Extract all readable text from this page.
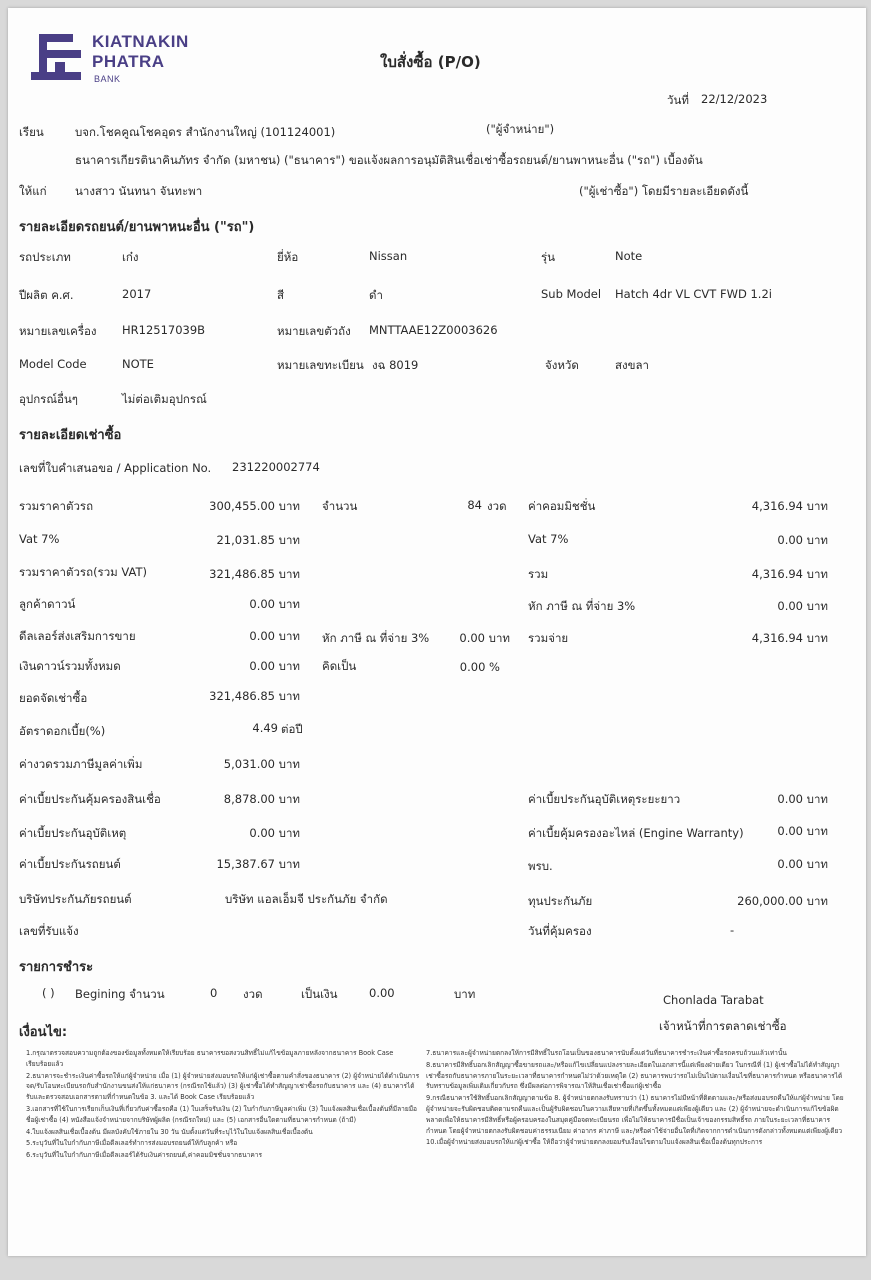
KIATNAKIN
PHATRA
BANK
ใบสั่งซื้อ (P/O)
วันที่ 22/12/2023
เรียน	บจก.โชคคูณโชคอุดร สำนักงานใหญ่ (101124001)	("ผู้จำหน่าย")
ธนาคารเกียรตินาคินภัทร จำกัด (มหาชน) ("ธนาคาร") ขอแจ้งผลการอนุมัติสินเชื่อเช่าซื้อรถยนต์/ยานพาหนะอื่น ("รถ") เบื้องต้น
ให้แก่ นางสาว นันทนา จันทะพา	("ผู้เช่าซื้อ") โดยมีรายละเอียดดังนี้
รายละเอียดรถยนต์/ยานพาหนะอื่น ("รถ")
รถประเภท	เก๋ง	ยี่ห้อ	Nissan	รุ่น	Note
ปีผลิต ค.ศ.	2017	สี	ดำ	Sub Model Hatch 4dr VL CVT FWD 1.2i
หมายเลขเครื่อง HR12517039B	หมายเลขตัวถัง MNTTAAE12Z0003626
Model Code	NOTE	หมายเลขทะเบียน งฉ 8019	จังหวัด	สงขลา
อุปกรณ์อื่นๆ	ไม่ต่อเติมอุปกรณ์
รายละเอียดเช่าซื้อ
เลขที่ใบคำเสนอขอ / Application No. 231220002774
รวมราคาตัวรถ	300,455.00 บาท จำนวน	84 งวด ค่าคอมมิชชั่น	4,316.94 บาท
Vat 7%	21,031.85 บาท	Vat 7%	0.00 บาท
รวมราคาตัวรถ(รวม VAT)	321,486.85 บาท	รวม	4,316.94 บาท
ลูกค้าดาวน์	0.00 บาท	หัก ภาษี ณ ที่จ่าย 3%	0.00 บาท
ดีลเลอร์ส่งเสริมการขาย	0.00 บาท หัก ภาษี ณ ที่จ่าย 3%	0.00 บาท รวมจ่าย	4,316.94 บาท
เงินดาวน์รวมทั้งหมด	0.00 บาท คิดเป็น	0.00 %
ยอดจัดเช่าซื้อ	321,486.85 บาท
อัตราดอกเบี้ย(%)	4.49 ต่อปี
ค่างวดรวมภาษีมูลค่าเพิ่ม	5,031.00 บาท
ค่าเบี้ยประกันคุ้มครองสินเชื่อ	8,878.00 บาท	ค่าเบี้ยประกันอุบัติเหตุระยะยาว	0.00 บาท
ค่าเบี้ยประกันอุบัติเหตุ	0.00 บาท	ค่าเบี้ยคุ้มครองอะไหล่ (Engine Warranty)	0.00 บาท
ค่าเบี้ยประกันรถยนต์	15,387.67 บาท	พรบ.	0.00 บาท
บริษัทประกันภัยรถยนต์	บริษัท แอลเอ็มจี ประกันภัย จำกัด	ทุนประกันภัย	260,000.00 บาท
เลขที่รับแจ้ง	วันที่คุ้มครอง	-
รายการชำระ
( ) Begining จำนวน	0 งวด	เป็นเงิน	0.00	บาท	Chonlada Tarabat
เจ้าหน้าที่การตลาดเช่าซื้อ
เงื่อนไข:

1.กรุณาตรวจสอบความถูกต้องของข้อมูลทั้งหมดให้เรียบร้อย ธนาคารขอสงวนสิทธิ์ไม่แก้ไขข้อมูลภายหลังจากธนาคาร Book Case เรียบร้อยแล้ว

2.ธนาคารจะชำระเงินค่าซื้อรถให้แก่ผู้จำหน่าย เมื่อ (1) ผู้จำหน่ายส่งมอบรถให้แก่ผู้เช่าซื้อตามคำสั่งของธนาคาร (2) ผู้จำหน่ายได้ดำเนินการจด/รับโอนทะเบียนรถกับสำนักงานขนส่งให้แก่ธนาคาร (กรณีรถใช้แล้ว) (3) ผู้เช่าซื้อได้ทำสัญญาเช่าซื้อรถกับธนาคาร และ (4) ธนาคารได้รับและตรวจสอบเอกสารตามที่กำหนดในข้อ 3. และได้ Book Case เรียบร้อยแล้ว

3.เอกสารที่ใช้ในการเรียกเก็บเงินที่เกี่ยวกับค่าซื้อรถคือ (1) ใบเสร็จรับเงิน (2) ใบกำกับภาษีมูลค่าเพิ่ม (3) ใบแจ้งผลสินเชื่อเบื้องต้นที่มีลายมือชื่อผู้เช่าซื้อ (4) หนังสือแจ้งจำหน่ายจากบริษัทผู้ผลิต (กรณีรถใหม่) และ (5) เอกสารอื่นใดตามที่ธนาคารกำหนด (ถ้ามี)

4.ใบแจ้งผลสินเชื่อเบื้องต้น มีผลบังคับใช้ภายใน 30 วัน นับตั้งแต่วันที่ระบุไว้ในใบแจ้งผลสินเชื่อเบื้องต้น

5.ระบุวันที่ในใบกำกับภาษีเมื่อดีลเลอร์ทำการส่งมอบรถยนต์ให้กับลูกค้า หรือ

6.ระบุวันที่ในใบกำกับภาษีเมื่อดีลเลอร์ได้รับเงินค่ารถยนต์,ค่าคอมมิชชั่นจากธนาคาร

7.ธนาคารและผู้จำหน่ายตกลงให้การมีสิทธิ์ในรถโอนเป็นของธนาคารนับตั้งแต่วันที่ธนาคารชำระเงินค่าซื้อรถครบถ้วนแล้วเท่านั้น

8.ธนาคารมีสิทธิ์บอกเลิกสัญญาซื้อขายรถและ/หรือแก้ไขเปลี่ยนแปลงรายละเอียดในเอกสารนี้แต่เพียงฝ่ายเดียว ในกรณีที่ (1) ผู้เช่าซื้อไม่ได้ทำสัญญาเช่าซื้อรถกับธนาคารภายในระยะเวลาที่ธนาคารกำหนดไม่ว่าด้วยเหตุใด (2) ธนาคารพบว่ารถไม่เป็นไปตามเงื่อนไขที่ธนาคารกำหนด หรือธนาคารได้รับทราบข้อมูลเพิ่มเติมเกี่ยวกับรถ ซึ่งมีผลต่อการพิจารณาให้สินเชื่อเช่าซื้อแก่ผู้เช่าซื้อ

9.กรณีธนาคารใช้สิทธิ์บอกเลิกสัญญาตามข้อ 8. ผู้จำหน่ายตกลงรับทราบว่า (1) ธนาคารไม่มีหน้าที่ติดตามและ/หรือส่งมอบรถคืนให้แก่ผู้จำหน่าย โดยผู้จำหน่ายจะรับผิดชอบติดตามรถคืนและเป็นผู้รับผิดชอบในความเสียหายที่เกิดขึ้นทั้งหมดแต่เพียงผู้เดียว และ (2) ผู้จำหน่ายจะดำเนินการแก้ไขข้อผิดพลาดเพื่อให้ธนาคารมีสิทธิ์หรือผู้ครอบครองในสมุดคู่มือจดทะเบียนรถ เพื่อไม่ให้ธนาคารมีชื่อเป็นเจ้าของกรรมสิทธิ์รถ ภายในระยะเวลาที่ธนาคารกำหนด โดยผู้จำหน่ายตกลงรับผิดชอบค่าธรรมเนียม ค่าอากร ค่าภาษี และ/หรือค่าใช้จ่ายอื่นใดที่เกิดจากการดำเนินการดังกล่าวทั้งหมดแต่เพียงผู้เดียว

10.เมื่อผู้จำหน่ายส่งมอบรถให้แก่ผู้เช่าซื้อ ให้ถือว่าผู้จำหน่ายตกลงยอมรับเงื่อนไขตามใบแจ้งผลสินเชื่อเบื้องต้นทุกประการ
